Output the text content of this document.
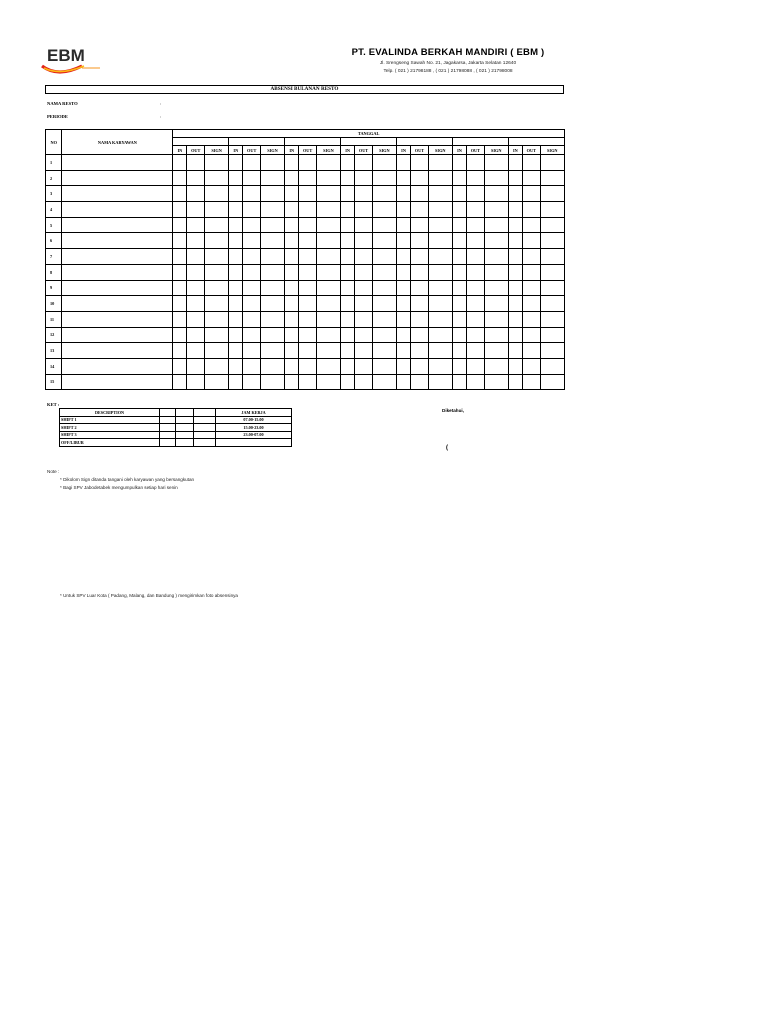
EBM	PT. EVALINDA BERKAH MANDIRI ( EBM )
Jl. Srengseng Sawah No. 21, Jagakarsa, Jakarta Selatan 12640
Telp. ( 021 ) 21798188 , ( 021 ) 21798088 , ( 021 ) 21798008
ABSENSI BULANAN RESTO
NAMA RESTO	:
PERIODE	:
NO	NAMA KARYAWAN	TANGGAL																				

		IN	OUT	SIGN	IN	OUT	SIGN	IN	OUT	SIGN	IN	OUT	SIGN	IN	OUT	SIGN	IN	OUT	SIGN	IN	OUT	SIGN
1																						
2																						
3																						
4																						
5																						
6																						
7																						
8																						
9																						
10																						
11																						
12																						
13																						
14																						
15																						
KET :
DESCRIPTION				JAM KERJA
SHIFT 1				07.00-15.00
SHIFT 2				15.00-23.00
SHIFT 3				23.00-07.00
OFF/LIBUR				
Diketahui,
(
Note :
* Dikolom Sign ditanda tangani oleh karyawan yang bersangkutan
* Bagi SPV Jabodetabek mengumpulkan setiap hari senin
* Untuk SPV Luar Kota ( Padang, Malang, dan Bandung ) mengirimkan foto absensinya
